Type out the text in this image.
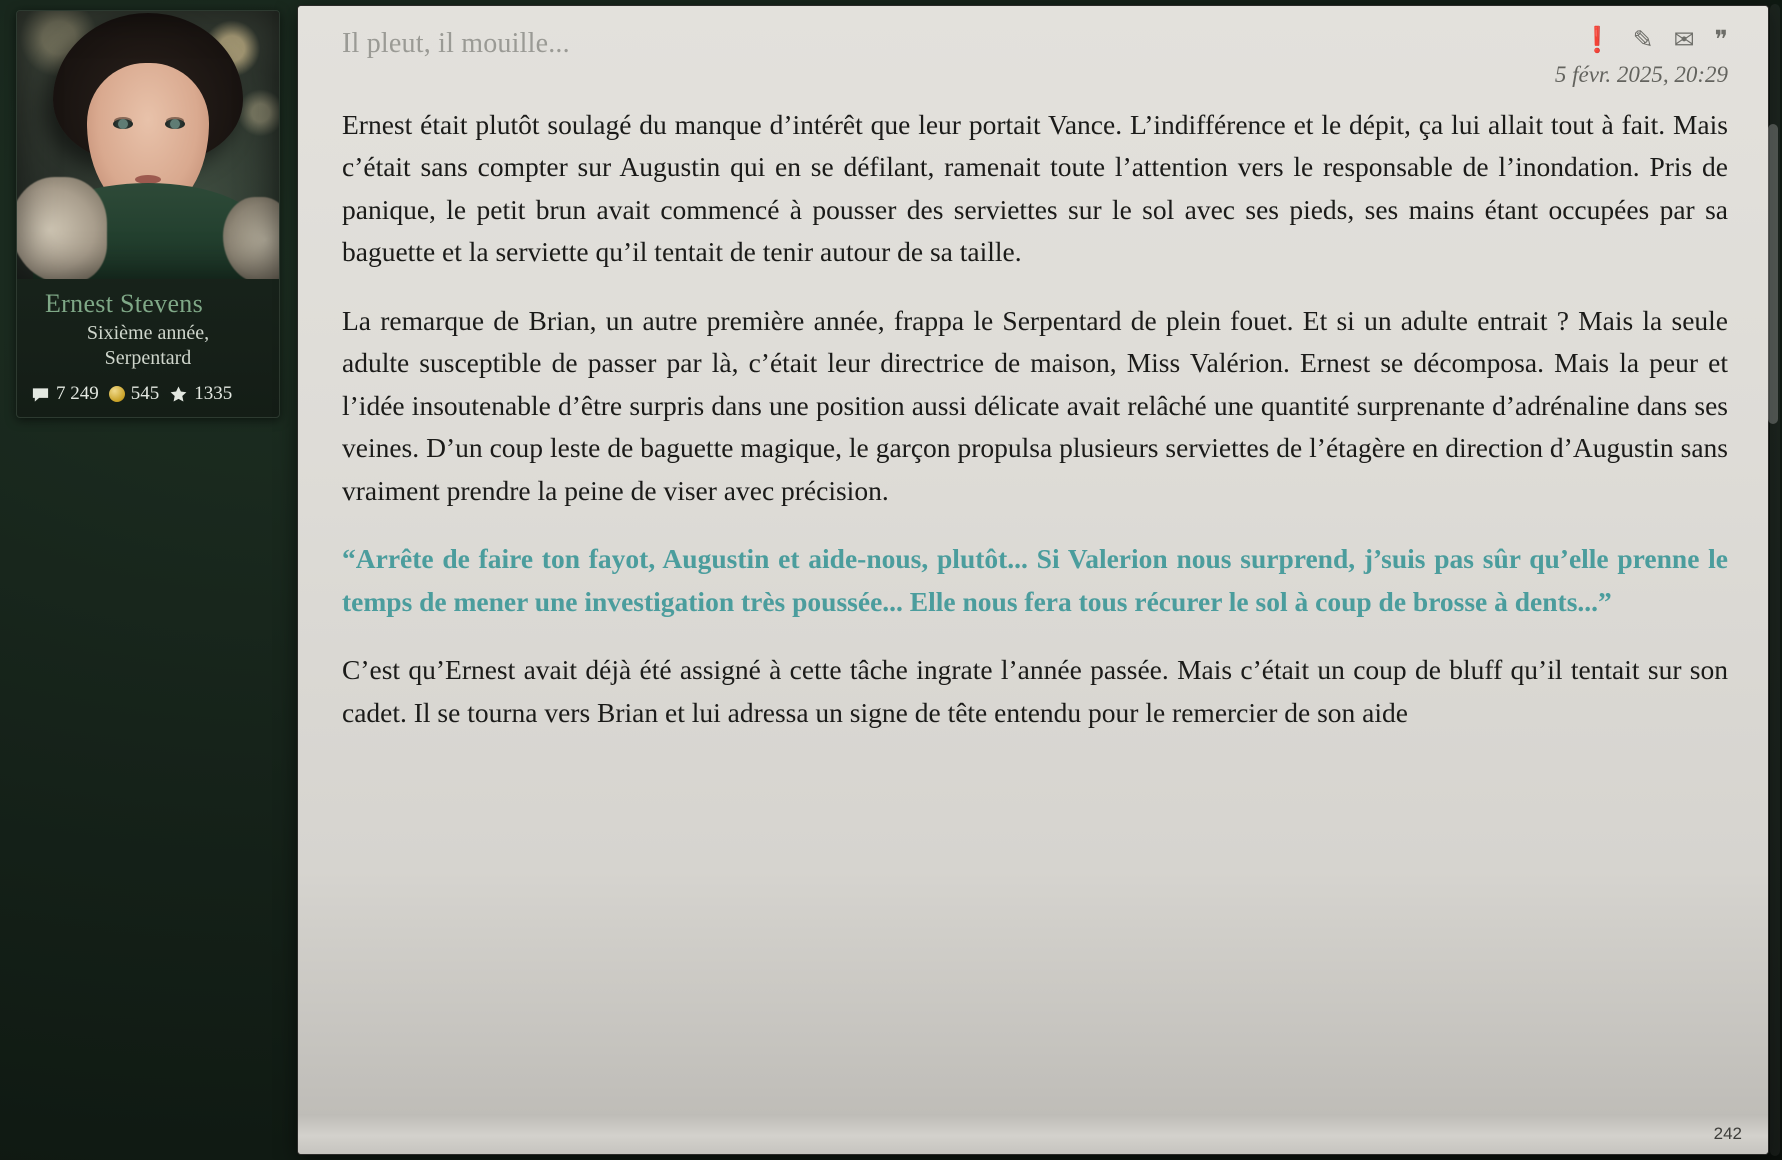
Ernest Stevens
Sixième année,
Serpentard
7 249 545 1335
Il pleut, il mouille...	❗ ✎ ✉ ❞
5 févr. 2025, 20:29

Ernest était plutôt soulagé du manque d’intérêt que leur portait Vance. L’indifférence et le dépit, ça lui allait tout à fait. Mais c’était sans compter sur Augustin qui en se défilant, ramenait toute l’attention vers le responsable de l’inondation. Pris de panique, le petit brun avait commencé à pousser des serviettes sur le sol avec ses pieds, ses mains étant occupées par sa baguette et la serviette qu’il tentait de tenir autour de sa taille.

La remarque de Brian, un autre première année, frappa le Serpentard de plein fouet. Et si un adulte entrait ? Mais la seule adulte susceptible de passer par là, c’était leur directrice de maison, Miss Valérion. Ernest se décomposa. Mais la peur et l’idée insoutenable d’être surpris dans une position aussi délicate avait relâché une quantité surprenante d’adrénaline dans ses veines. D’un coup leste de baguette magique, le garçon propulsa plusieurs serviettes de l’étagère en direction d’Augustin sans vraiment prendre la peine de viser avec précision.

“Arrête de faire ton fayot, Augustin et aide-nous, plutôt... Si Valerion nous surprend, j’suis pas sûr qu’elle prenne le temps de mener une investigation très poussée... Elle nous fera tous récurer le sol à coup de brosse à dents...”

C’est qu’Ernest avait déjà été assigné à cette tâche ingrate l’année passée. Mais c’était un coup de bluff qu’il tentait sur son cadet. Il se tourna vers Brian et lui adressa un signe de tête entendu pour le remercier de son aide

242
